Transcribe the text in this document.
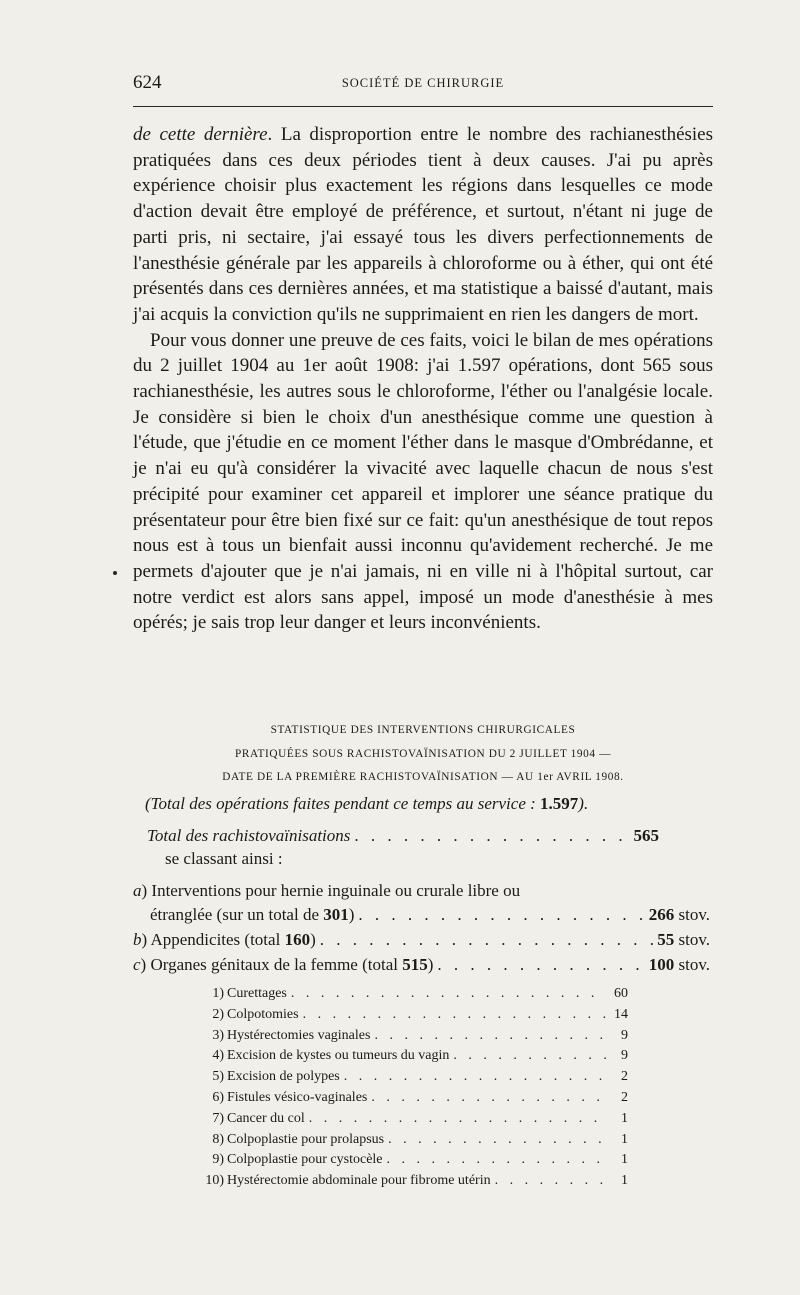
624	SOCIÉTÉ DE CHIRURGIE

de cette dernière. La disproportion entre le nombre des rachianesthésies pratiquées dans ces deux périodes tient à deux causes. J'ai pu après expérience choisir plus exactement les régions dans lesquelles ce mode d'action devait être employé de préférence, et surtout, n'étant ni juge de parti pris, ni sectaire, j'ai essayé tous les divers perfectionnements de l'anesthésie générale par les appareils à chloroforme ou à éther, qui ont été présentés dans ces dernières années, et ma statistique a baissé d'autant, mais j'ai acquis la conviction qu'ils ne supprimaient en rien les dangers de mort.

Pour vous donner une preuve de ces faits, voici le bilan de mes opérations du 2 juillet 1904 au 1er août 1908: j'ai 1.597 opérations, dont 565 sous rachianesthésie, les autres sous le chloroforme, l'éther ou l'analgésie locale. Je considère si bien le choix d'un anesthésique comme une question à l'étude, que j'étudie en ce moment l'éther dans le masque d'Ombrédanne, et je n'ai eu qu'à considérer la vivacité avec laquelle chacun de nous s'est précipité pour examiner cet appareil et implorer une séance pratique du présentateur pour être bien fixé sur ce fait: qu'un anesthésique de tout repos nous est à tous un bienfait aussi inconnu qu'avidement recherché. Je me permets d'ajouter que je n'ai jamais, ni en ville ni à l'hôpital surtout, car notre verdict est alors sans appel, imposé un mode d'anesthésie à mes opérés; je sais trop leur danger et leurs inconvénients.

STATISTIQUE DES INTERVENTIONS CHIRURGICALES
PRATIQUÉES SOUS RACHISTOVAÏNISATION DU 2 JUILLET 1904 —
DATE DE LA PREMIÈRE RACHISTOVAÏNISATION — AU 1er AVRIL 1908.
(Total des opérations faites pendant ce temps au service : 1.597).
Total des rachistovaïnisations . . .	565
se classant ainsi :
a) Interventions pour hernie inguinale ou crurale libre ou
étranglée (sur un total de 301) . . .	266 stov.
b) Appendicites (total 160) . . .	55 stov.
c) Organes génitaux de la femme (total 515) . . .	100 stov.
1) Curettages . . .	60
2) Colpotomies . . .	14
3) Hystérectomies vaginales . . .	9
4) Excision de kystes ou tumeurs du vagin . . .	9
5) Excision de polypes . . .	2
6) Fistules vésico-vaginales . . .	2
7) Cancer du col . . .	1
8) Colpoplastie pour prolapsus . . .	1
9) Colpoplastie pour cystocèle . . .	1
10) Hystérectomie abdominale pour fibrome utérin . . .	1
